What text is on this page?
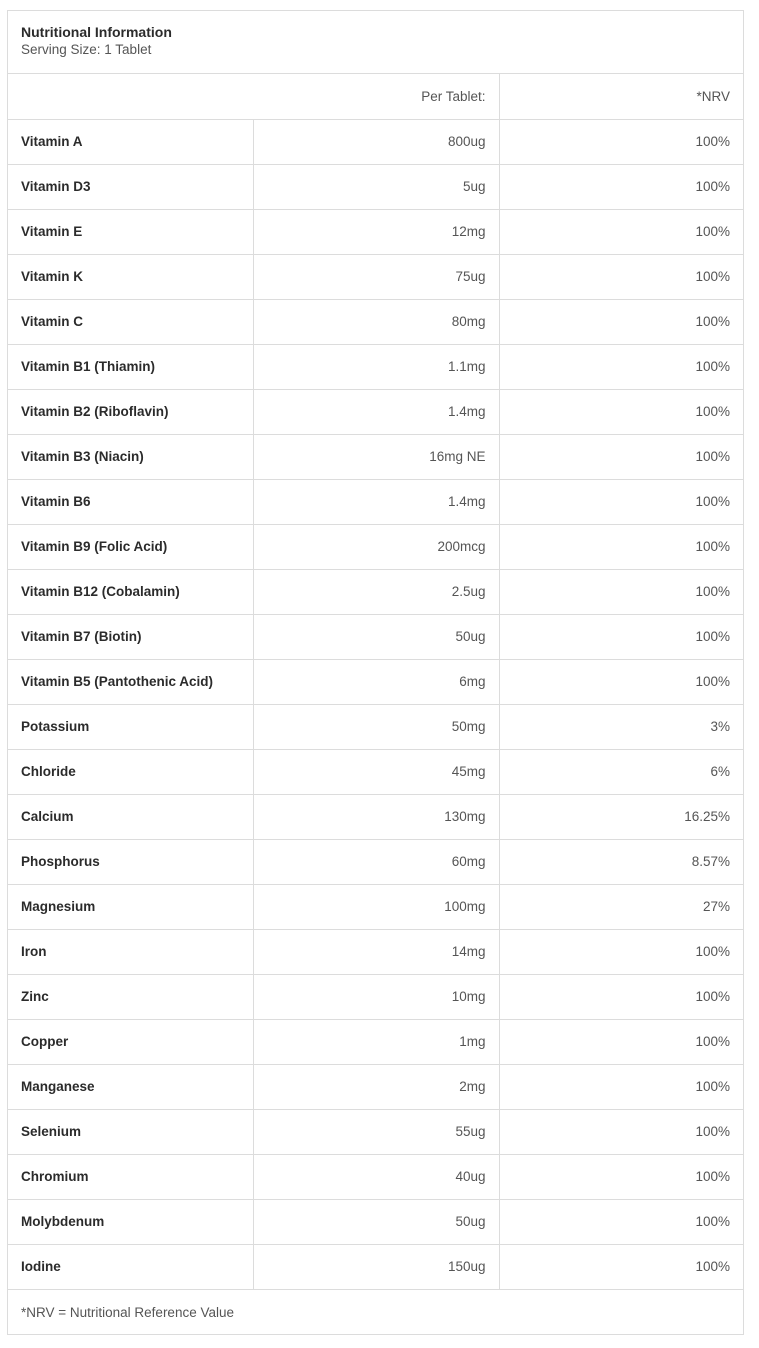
Nutritional Information
Serving Size: 1 Tablet
	Per Tablet:	*NRV
Vitamin A	800ug	100%
Vitamin D3	5ug	100%
Vitamin E	12mg	100%
Vitamin K	75ug	100%
Vitamin C	80mg	100%
Vitamin B1 (Thiamin)	1.1mg	100%
Vitamin B2 (Riboflavin)	1.4mg	100%
Vitamin B3 (Niacin)	16mg NE	100%
Vitamin B6	1.4mg	100%
Vitamin B9 (Folic Acid)	200mcg	100%
Vitamin B12 (Cobalamin)	2.5ug	100%
Vitamin B7 (Biotin)	50ug	100%
Vitamin B5 (Pantothenic Acid)	6mg	100%
Potassium	50mg	3%
Chloride	45mg	6%
Calcium	130mg	16.25%
Phosphorus	60mg	8.57%
Magnesium	100mg	27%
Iron	14mg	100%
Zinc	10mg	100%
Copper	1mg	100%
Manganese	2mg	100%
Selenium	55ug	100%
Chromium	40ug	100%
Molybdenum	50ug	100%
Iodine	150ug	100%
*NRV = Nutritional Reference Value
